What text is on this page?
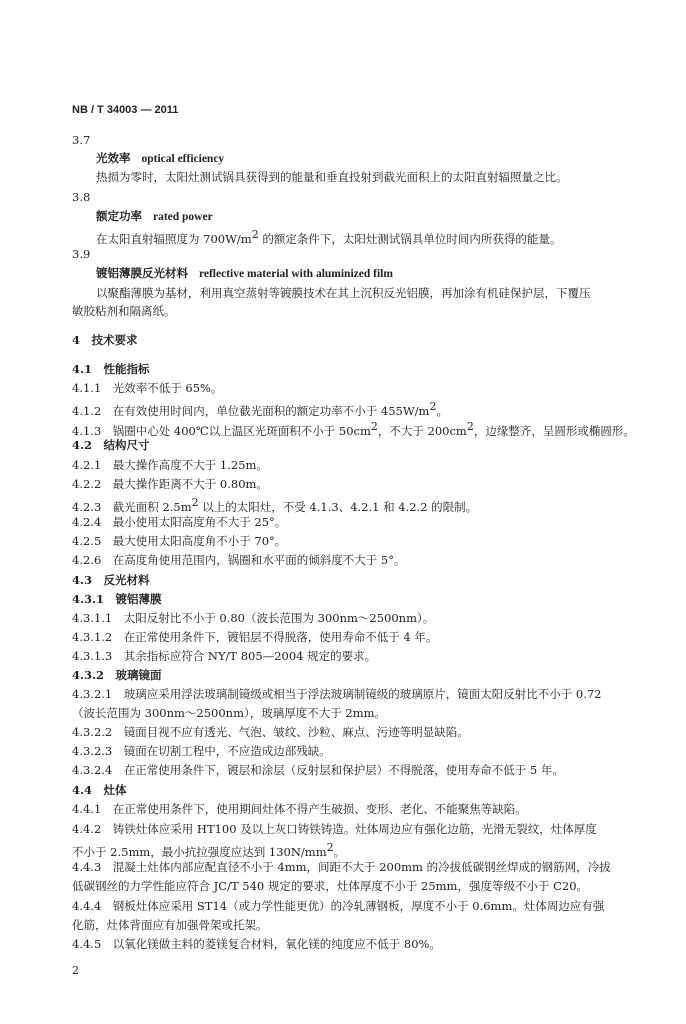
NB / T 34003 — 2011
3.7
光效率 optical efficiency
热损为零时，太阳灶测试锅具获得到的能量和垂直投射到截光面积上的太阳直射辐照量之比。
3.8
额定功率 rated power
在太阳直射辐照度为 $700W/m^2$ 的额定条件下，太阳灶测试锅具单位时间内所获得的能量。
3.9
镀铝薄膜反光材料 reflective material with aluminized film
以聚酯薄膜为基材，利用真空蒸射等镀膜技术在其上沉积反光铝膜，再加涂有机硅保护层，下覆压
敏胶粘剂和隔离纸。
4　技术要求
4.1　性能指标
4.1.1　光效率不低于 65%。
4.1.2　在有效使用时间内，单位截光面积的额定功率不小于 $455W/m^2$。
4.1.3　锅圈中心处 400℃以上温区光斑面积不小于 $50cm^2$，不大于 $200cm^2$，边缘整齐，呈圆形或椭圆形。
4.2　结构尺寸
4.2.1　最大操作高度不大于 1.25m。
4.2.2　最大操作距离不大于 0.80m。
4.2.3　截光面积 $2.5m^2$ 以上的太阳灶，不受 4.1.3、4.2.1 和 4.2.2 的限制。
4.2.4　最小使用太阳高度角不大于 25°。
4.2.5　最大使用太阳高度角不小于 70°。
4.2.6　在高度角使用范围内，锅圈和水平面的倾斜度不大于 5°。
4.3　反光材料
4.3.1　镀铝薄膜
4.3.1.1　太阳反射比不小于 0.80（波长范围为 300nm～2500nm）。
4.3.1.2　在正常使用条件下，镀铝层不得脱落，使用寿命不低于 4 年。
4.3.1.3　其余指标应符合 NY/T 805—2004 规定的要求。
4.3.2　玻璃镜面
4.3.2.1　玻璃应采用浮法玻璃制镜级或相当于浮法玻璃制镜级的玻璃原片，镜面太阳反射比不小于 0.72
（波长范围为 300nm～2500nm），玻璃厚度不大于 2mm。
4.3.2.2　镜面目视不应有透光、气泡、皱纹、沙粒、麻点、污迹等明显缺陷。
4.3.2.3　镜面在切割工程中，不应造成边部残缺。
4.3.2.4　在正常使用条件下，镀层和涂层（反射层和保护层）不得脱落，使用寿命不低于 5 年。
4.4　灶体
4.4.1　在正常使用条件下，使用期间灶体不得产生破损、变形、老化、不能聚焦等缺陷。
4.4.2　铸铁灶体应采用 HT100 及以上灰口铸铁铸造。灶体周边应有强化边筋，光滑无裂纹，灶体厚度
不小于 2.5mm，最小抗拉强度应达到 $130N/mm^2$。
4.4.3　混凝土灶体内部应配直径不小于 4mm，间距不大于 200mm 的冷拔低碳钢丝焊成的钢筋网，冷拔
低碳钢丝的力学性能应符合 JC/T 540 规定的要求，灶体厚度不小于 25mm，强度等级不小于 C20。
4.4.4　钢板灶体应采用 ST14（或力学性能更优）的冷轧薄钢板，厚度不小于 0.6mm。灶体周边应有强
化筋，灶体背面应有加强骨架或托架。
4.4.5　以氧化镁做主料的菱镁复合材料，氧化镁的纯度应不低于 80%。
2
